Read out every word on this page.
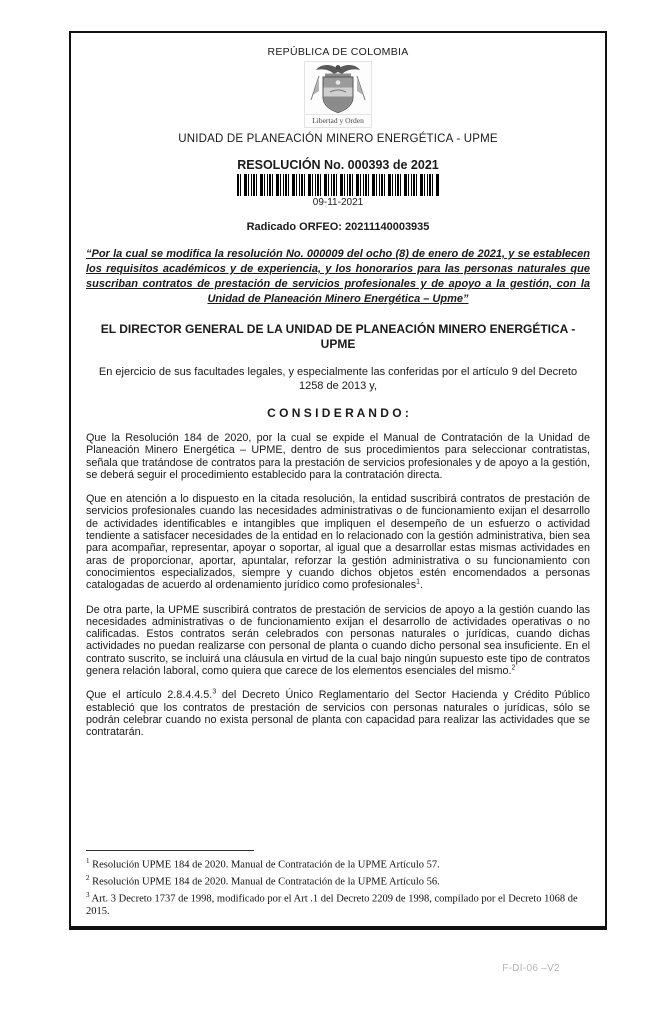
REPÚBLICA DE COLOMBIA
Libertad y Orden
UNIDAD DE PLANEACIÓN MINERO ENERGÉTICA - UPME
RESOLUCIÓN No. 000393 de 2021
09-11-2021
Radicado ORFEO: 20211140003935
“Por la cual se modifica la resolución No. 000009 del ocho (8) de enero de 2021, y se establecen los requisitos académicos y de experiencia, y los honorarios para las personas naturales que suscriban contratos de prestación de servicios profesionales y de apoyo a la gestión, con la Unidad de Planeación Minero Energética – Upme”
EL DIRECTOR GENERAL DE LA UNIDAD DE PLANEACIÓN MINERO ENERGÉTICA - UPME
En ejercicio de sus facultades legales, y especialmente las conferidas por el artículo 9 del Decreto 1258 de 2013 y,
C O N S I D E R A N D O :

Que la Resolución 184 de 2020, por la cual se expide el Manual de Contratación de la Unidad de Planeación Minero Energética – UPME, dentro de sus procedimientos para seleccionar contratistas, señala que tratándose de contratos para la prestación de servicios profesionales y de apoyo a la gestión, se deberá seguir el procedimiento establecido para la contratación directa.

Que en atención a lo dispuesto en la citada resolución, la entidad suscribirá contratos de prestación de servicios profesionales cuando las necesidades administrativas o de funcionamiento exijan el desarrollo de actividades identificables e intangibles que impliquen el desempeño de un esfuerzo o actividad tendiente a satisfacer necesidades de la entidad en lo relacionado con la gestión administrativa, bien sea para acompañar, representar, apoyar o soportar, al igual que a desarrollar estas mismas actividades en aras de proporcionar, aportar, apuntalar, reforzar la gestión administrativa o su funcionamiento con conocimientos especializados, siempre y cuando dichos objetos estén encomendados a personas catalogadas de acuerdo al ordenamiento jurídico como profesionales$^1$.

De otra parte, la UPME suscribirá contratos de prestación de servicios de apoyo a la gestión cuando las necesidades administrativas o de funcionamiento exijan el desarrollo de actividades operativas o no calificadas. Estos contratos serán celebrados con personas naturales o jurídicas, cuando dichas actividades no puedan realizarse con personal de planta o cuando dicho personal sea insuficiente. En el contrato suscrito, se incluirá una cláusula en virtud de la cual bajo ningún supuesto este tipo de contratos genera relación laboral, como quiera que carece de los elementos esenciales del mismo.$^2$

Que el artículo 2.8.4.4.5.$^3$ del Decreto Único Reglamentario del Sector Hacienda y Crédito Público estableció que los contratos de prestación de servicios con personas naturales o jurídicas, sólo se podrán celebrar cuando no exista personal de planta con capacidad para realizar las actividades que se contratarán.

$^1$ Resolución UPME 184 de 2020. Manual de Contratación de la UPME Artículo 57.
$^2$ Resolución UPME 184 de 2020. Manual de Contratación de la UPME Artículo 56.
$^3$ Art. 3 Decreto 1737 de 1998, modificado por el Art .1 del Decreto 2209 de 1998, compilado por el Decreto 1068 de 2015.
F-DI-06 –V2
